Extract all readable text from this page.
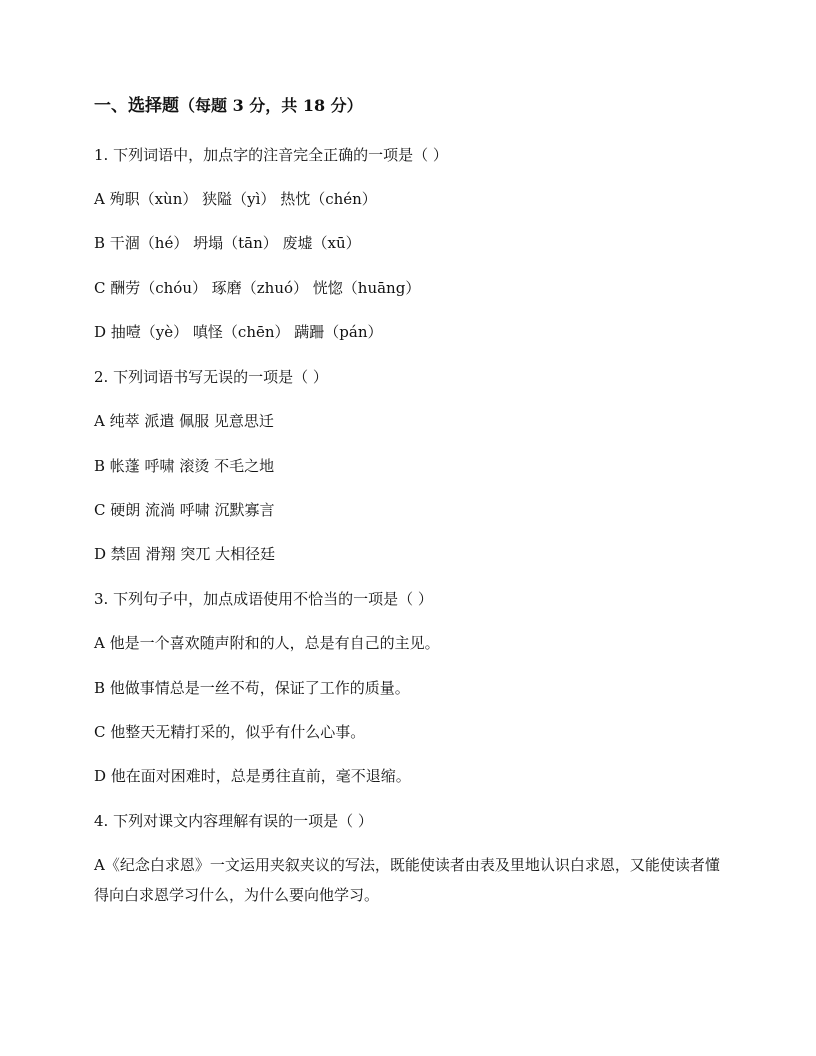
一、选择题（每题 3 分，共 18 分）
1. 下列词语中，加点字的注音完全正确的一项是（ ）
A 殉职（xùn） 狭隘（yì） 热忱（chén）
B 干涸（hé） 坍塌（tān） 废墟（xū）
C 酬劳（chóu） 琢磨（zhuó） 恍惚（huāng）
D 抽噎（yè） 嗔怪（chēn） 蹒跚（pán）
2. 下列词语书写无误的一项是（ ）
A 纯萃 派遣 佩服 见意思迁
B 帐蓬 呼啸 滚烫 不毛之地
C 硬朗 流淌 呼啸 沉默寡言
D 禁固 滑翔 突兀 大相径廷
3. 下列句子中，加点成语使用不恰当的一项是（ ）
A 他是一个喜欢随声附和的人，总是有自己的主见。
B 他做事情总是一丝不苟，保证了工作的质量。
C 他整天无精打采的，似乎有什么心事。
D 他在面对困难时，总是勇往直前，毫不退缩。
4. 下列对课文内容理解有误的一项是（ ）
A《纪念白求恩》一文运用夹叙夹议的写法，既能使读者由表及里地认识白求恩，又能使读者懂得向白求恩学习什么，为什么要向他学习。
